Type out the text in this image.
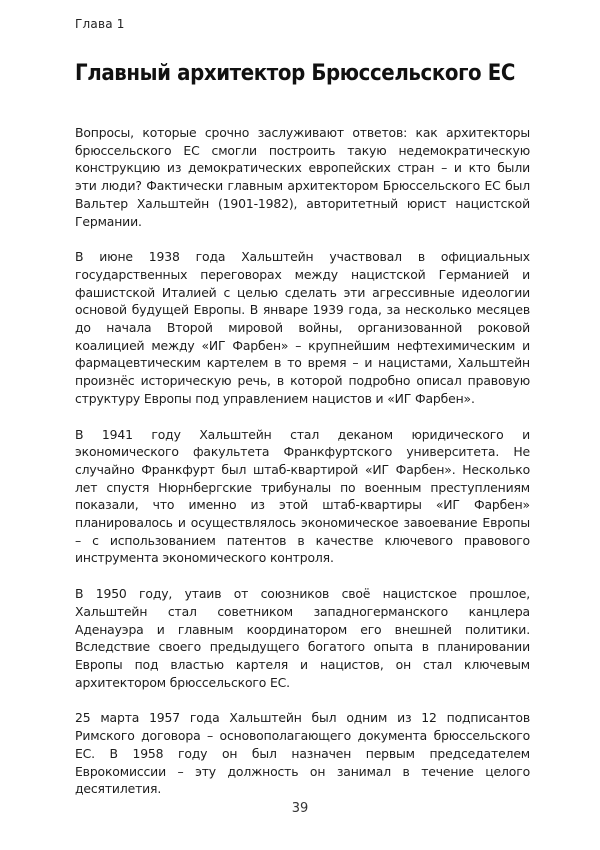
Глава 1
Главный архитектор Брюссельского ЕС

Вопросы, которые срочно заслуживают ответов: как архитекторы брюссельского ЕС смогли построить такую недемократическую конструкцию из демократических европейских стран – и кто были эти люди? Фактически главным архитектором Брюссельского ЕС был Вальтер Хальштейн (1901-1982), авторитетный юрист нацистской Германии.

В июне 1938 года Хальштейн участвовал в официальных государственных переговорах между нацистской Германией и фашистской Италией с целью сделать эти агрессивные идеологии основой будущей Европы. В январе 1939 года, за несколько месяцев до начала Второй мировой войны, организованной роковой коалицией между «ИГ Фарбен» – крупнейшим нефтехимическим и фармацевтическим картелем в то время – и нацистами, Хальштейн произнёс историческую речь, в которой подробно описал правовую структуру Европы под управлением нацистов и «ИГ Фарбен».

В 1941 году Хальштейн стал деканом юридического и экономического факультета Франкфуртского университета. Не случайно Франкфурт был штаб-квартирой «ИГ Фарбен». Несколько лет спустя Нюрнбергские трибуналы по военным преступлениям показали, что именно из этой штаб-квартиры «ИГ Фарбен» планировалось и осуществлялось экономическое завоевание Европы – с использованием патентов в качестве ключевого правового инструмента экономического контроля.

В 1950 году, утаив от союзников своё нацистское прошлое, Хальштейн стал советником западногерманского канцлера Аденауэра и главным координатором его внешней политики. Вследствие своего предыдущего богатого опыта в планировании Европы под властью картеля и нацистов, он стал ключевым архитектором брюссельского ЕС.

25 марта 1957 года Хальштейн был одним из 12 подписантов Римского договора – основополагающего документа брюссельского ЕС. В 1958 году он был назначен первым председателем Еврокомиссии – эту должность он занимал в течение целого десятилетия.

39
